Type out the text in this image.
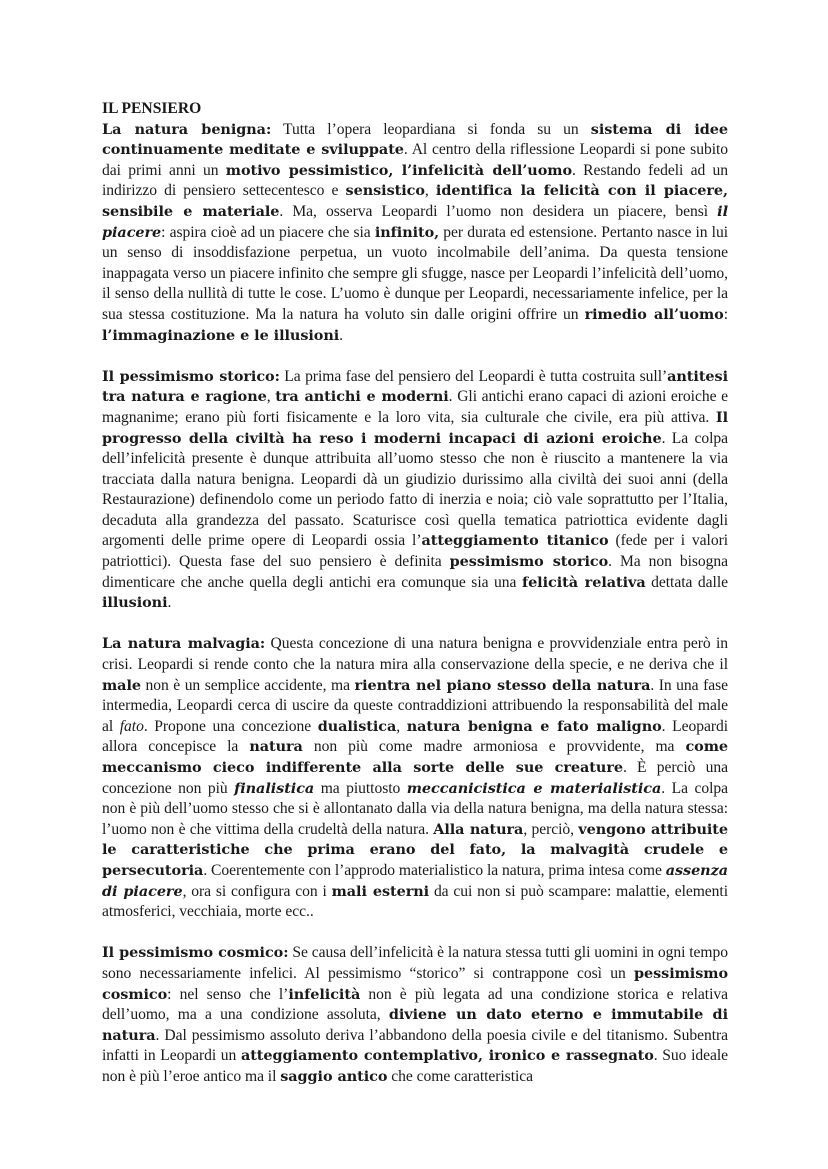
IL PENSIERO

La natura benigna: Tutta l’opera leopardiana si fonda su un sistema di idee continuamente meditate e sviluppate. Al centro della riflessione Leopardi si pone subito dai primi anni un motivo pessimistico, l’infelicità dell’uomo. Restando fedeli ad un indirizzo di pensiero settecentesco e sensistico, identifica la felicità con il piacere, sensibile e materiale. Ma, osserva Leopardi l’uomo non desidera un piacere, bensì il piacere: aspira cioè ad un piacere che sia infinito, per durata ed estensione. Pertanto nasce in lui un senso di insoddisfazione perpetua, un vuoto incolmabile dell’anima. Da questa tensione inappagata verso un piacere infinito che sempre gli sfugge, nasce per Leopardi l’infelicità dell’uomo, il senso della nullità di tutte le cose. L’uomo è dunque per Leopardi, necessariamente infelice, per la sua stessa costituzione. Ma la natura ha voluto sin dalle origini offrire un rimedio all’uomo: l’immaginazione e le illusioni.

Il pessimismo storico: La prima fase del pensiero del Leopardi è tutta costruita sull’antitesi tra natura e ragione, tra antichi e moderni. Gli antichi erano capaci di azioni eroiche e magnanime; erano più forti fisicamente e la loro vita, sia culturale che civile, era più attiva. Il progresso della civiltà ha reso i moderni incapaci di azioni eroiche. La colpa dell’infelicità presente è dunque attribuita all’uomo stesso che non è riuscito a mantenere la via tracciata dalla natura benigna. Leopardi dà un giudizio durissimo alla civiltà dei suoi anni (della Restaurazione) definendolo come un periodo fatto di inerzia e noia; ciò vale soprattutto per l’Italia, decaduta alla grandezza del passato. Scaturisce così quella tematica patriottica evidente dagli argomenti delle prime opere di Leopardi ossia l’atteggiamento titanico (fede per i valori patriottici). Questa fase del suo pensiero è definita pessimismo storico. Ma non bisogna dimenticare che anche quella degli antichi era comunque sia una felicità relativa dettata dalle illusioni.

La natura malvagia: Questa concezione di una natura benigna e provvidenziale entra però in crisi. Leopardi si rende conto che la natura mira alla conservazione della specie, e ne deriva che il male non è un semplice accidente, ma rientra nel piano stesso della natura. In una fase intermedia, Leopardi cerca di uscire da queste contraddizioni attribuendo la responsabilità del male al fato. Propone una concezione dualistica, natura benigna e fato maligno. Leopardi allora concepisce la natura non più come madre armoniosa e provvidente, ma come meccanismo cieco indifferente alla sorte delle sue creature. È perciò una concezione non più finalistica ma piuttosto meccanicistica e materialistica. La colpa non è più dell’uomo stesso che si è allontanato dalla via della natura benigna, ma della natura stessa: l’uomo non è che vittima della crudeltà della natura. Alla natura, perciò, vengono attribuite le caratteristiche che prima erano del fato, la malvagità crudele e persecutoria. Coerentemente con l’approdo materialistico la natura, prima intesa come assenza di piacere, ora si configura con i mali esterni da cui non si può scampare: malattie, elementi atmosferici, vecchiaia, morte ecc..

Il pessimismo cosmico: Se causa dell’infelicità è la natura stessa tutti gli uomini in ogni tempo sono necessariamente infelici. Al pessimismo “storico” si contrappone così un pessimismo cosmico: nel senso che l’infelicità non è più legata ad una condizione storica e relativa dell’uomo, ma a una condizione assoluta, diviene un dato eterno e immutabile di natura. Dal pessimismo assoluto deriva l’abbandono della poesia civile e del titanismo. Subentra infatti in Leopardi un atteggiamento contemplativo, ironico e rassegnato. Suo ideale non è più l’eroe antico ma il saggio antico che come caratteristica
